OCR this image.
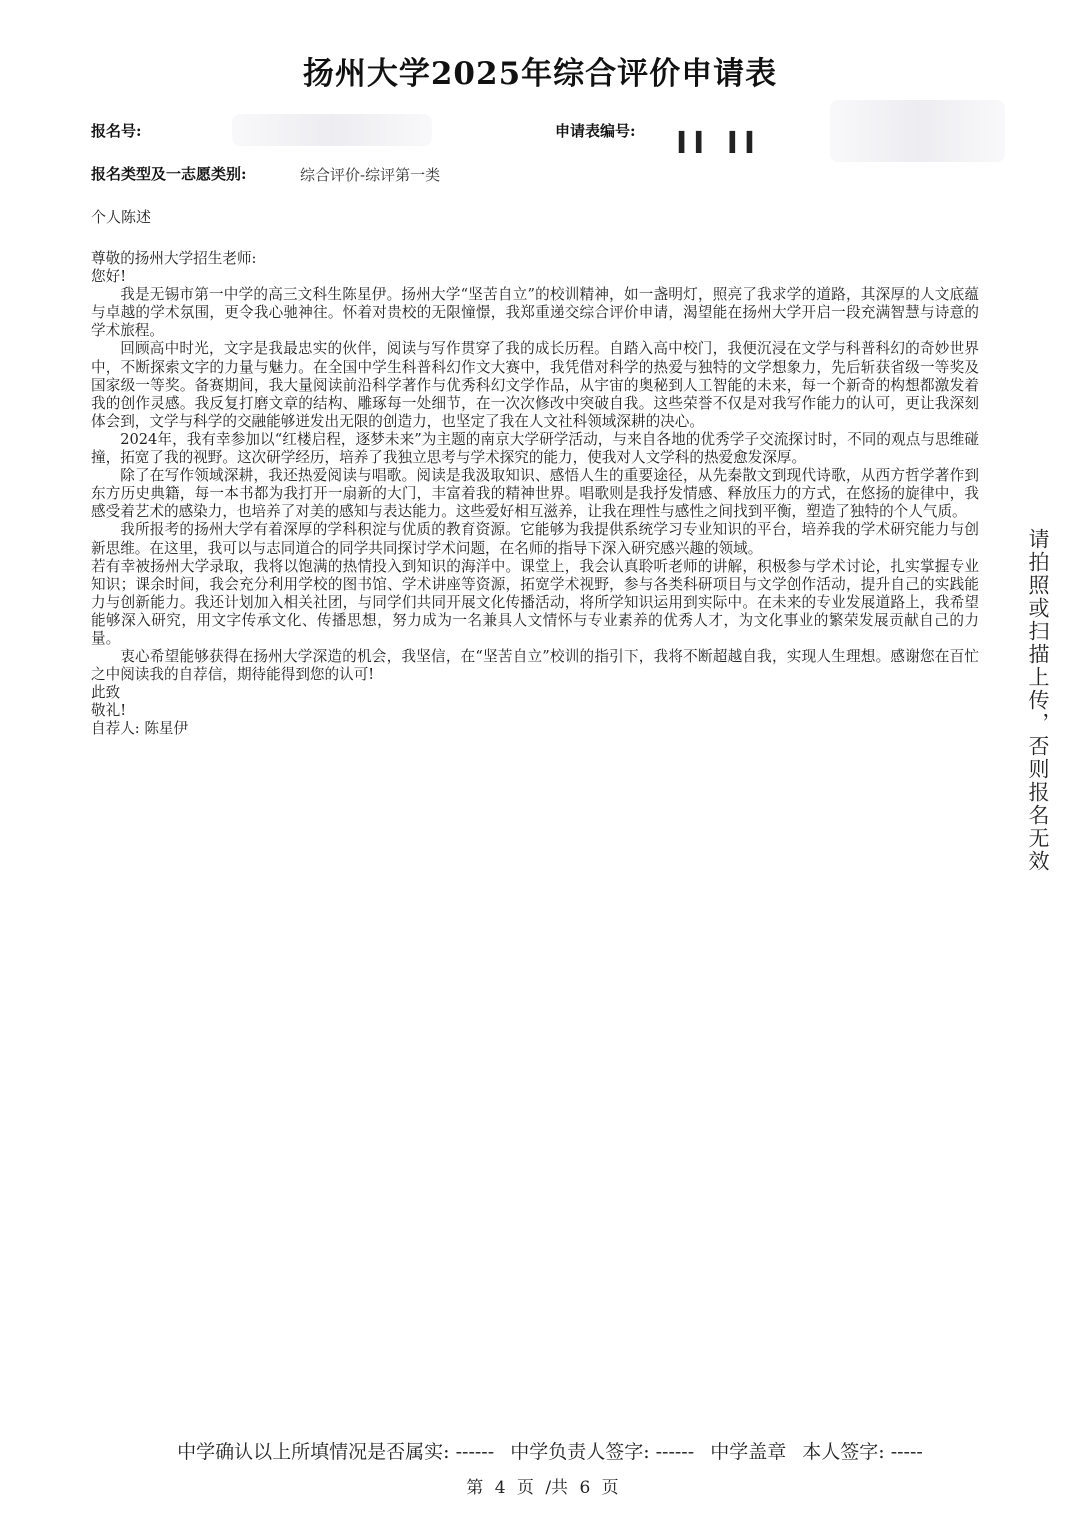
扬州大学2025年综合评价申请表
报名号:	申请表编号: ⅠⅠ ⅠⅠ
报名类型及一志愿类别:	综合评价-综评第一类
个人陈述

尊敬的扬州大学招生老师:

您好!

我是无锡市第一中学的高三文科生陈星伊。扬州大学“坚苦自立”的校训精神，如一盏明灯，照亮了我求学的道路，其深厚的人文底蕴与卓越的学术氛围，更令我心驰神往。怀着对贵校的无限憧憬，我郑重递交综合评价申请，渴望能在扬州大学开启一段充满智慧与诗意的学术旅程。

回顾高中时光，文字是我最忠实的伙伴，阅读与写作贯穿了我的成长历程。自踏入高中校门，我便沉浸在文学与科普科幻的奇妙世界中，不断探索文字的力量与魅力。在全国中学生科普科幻作文大赛中，我凭借对科学的热爱与独特的文学想象力，先后斩获省级一等奖及国家级一等奖。备赛期间，我大量阅读前沿科学著作与优秀科幻文学作品，从宇宙的奥秘到人工智能的未来，每一个新奇的构想都激发着我的创作灵感。我反复打磨文章的结构、雕琢每一处细节，在一次次修改中突破自我。这些荣誉不仅是对我写作能力的认可，更让我深刻体会到，文学与科学的交融能够迸发出无限的创造力，也坚定了我在人文社科领域深耕的决心。

2024年，我有幸参加以“红楼启程，逐梦未来”为主题的南京大学研学活动，与来自各地的优秀学子交流探讨时，不同的观点与思维碰撞，拓宽了我的视野。这次研学经历，培养了我独立思考与学术探究的能力，使我对人文学科的热爱愈发深厚。

除了在写作领域深耕，我还热爱阅读与唱歌。阅读是我汲取知识、感悟人生的重要途径，从先秦散文到现代诗歌，从西方哲学著作到东方历史典籍，每一本书都为我打开一扇新的大门，丰富着我的精神世界。唱歌则是我抒发情感、释放压力的方式，在悠扬的旋律中，我感受着艺术的感染力，也培养了对美的感知与表达能力。这些爱好相互滋养，让我在理性与感性之间找到平衡，塑造了独特的个人气质。

我所报考的扬州大学有着深厚的学科积淀与优质的教育资源。它能够为我提供系统学习专业知识的平台，培养我的学术研究能力与创新思维。在这里，我可以与志同道合的同学共同探讨学术问题，在名师的指导下深入研究感兴趣的领域。

若有幸被扬州大学录取，我将以饱满的热情投入到知识的海洋中。课堂上，我会认真聆听老师的讲解，积极参与学术讨论，扎实掌握专业知识；课余时间，我会充分利用学校的图书馆、学术讲座等资源，拓宽学术视野，参与各类科研项目与文学创作活动，提升自己的实践能力与创新能力。我还计划加入相关社团，与同学们共同开展文化传播活动，将所学知识运用到实际中。在未来的专业发展道路上，我希望能够深入研究，用文字传承文化、传播思想，努力成为一名兼具人文情怀与专业素养的优秀人才，为文化事业的繁荣发展贡献自己的力量。

衷心希望能够获得在扬州大学深造的机会，我坚信，在“坚苦自立”校训的指引下，我将不断超越自我，实现人生理想。感谢您在百忙之中阅读我的自荐信，期待能得到您的认可!

此致

敬礼!

自荐人: 陈星伊	请拍照或扫描上传，否则报名无效
中学确认以上所填情况是否属实: ------ 中学负责人签字: ------ 中学盖章 本人签字: -----
第 4 页 /共 6 页
